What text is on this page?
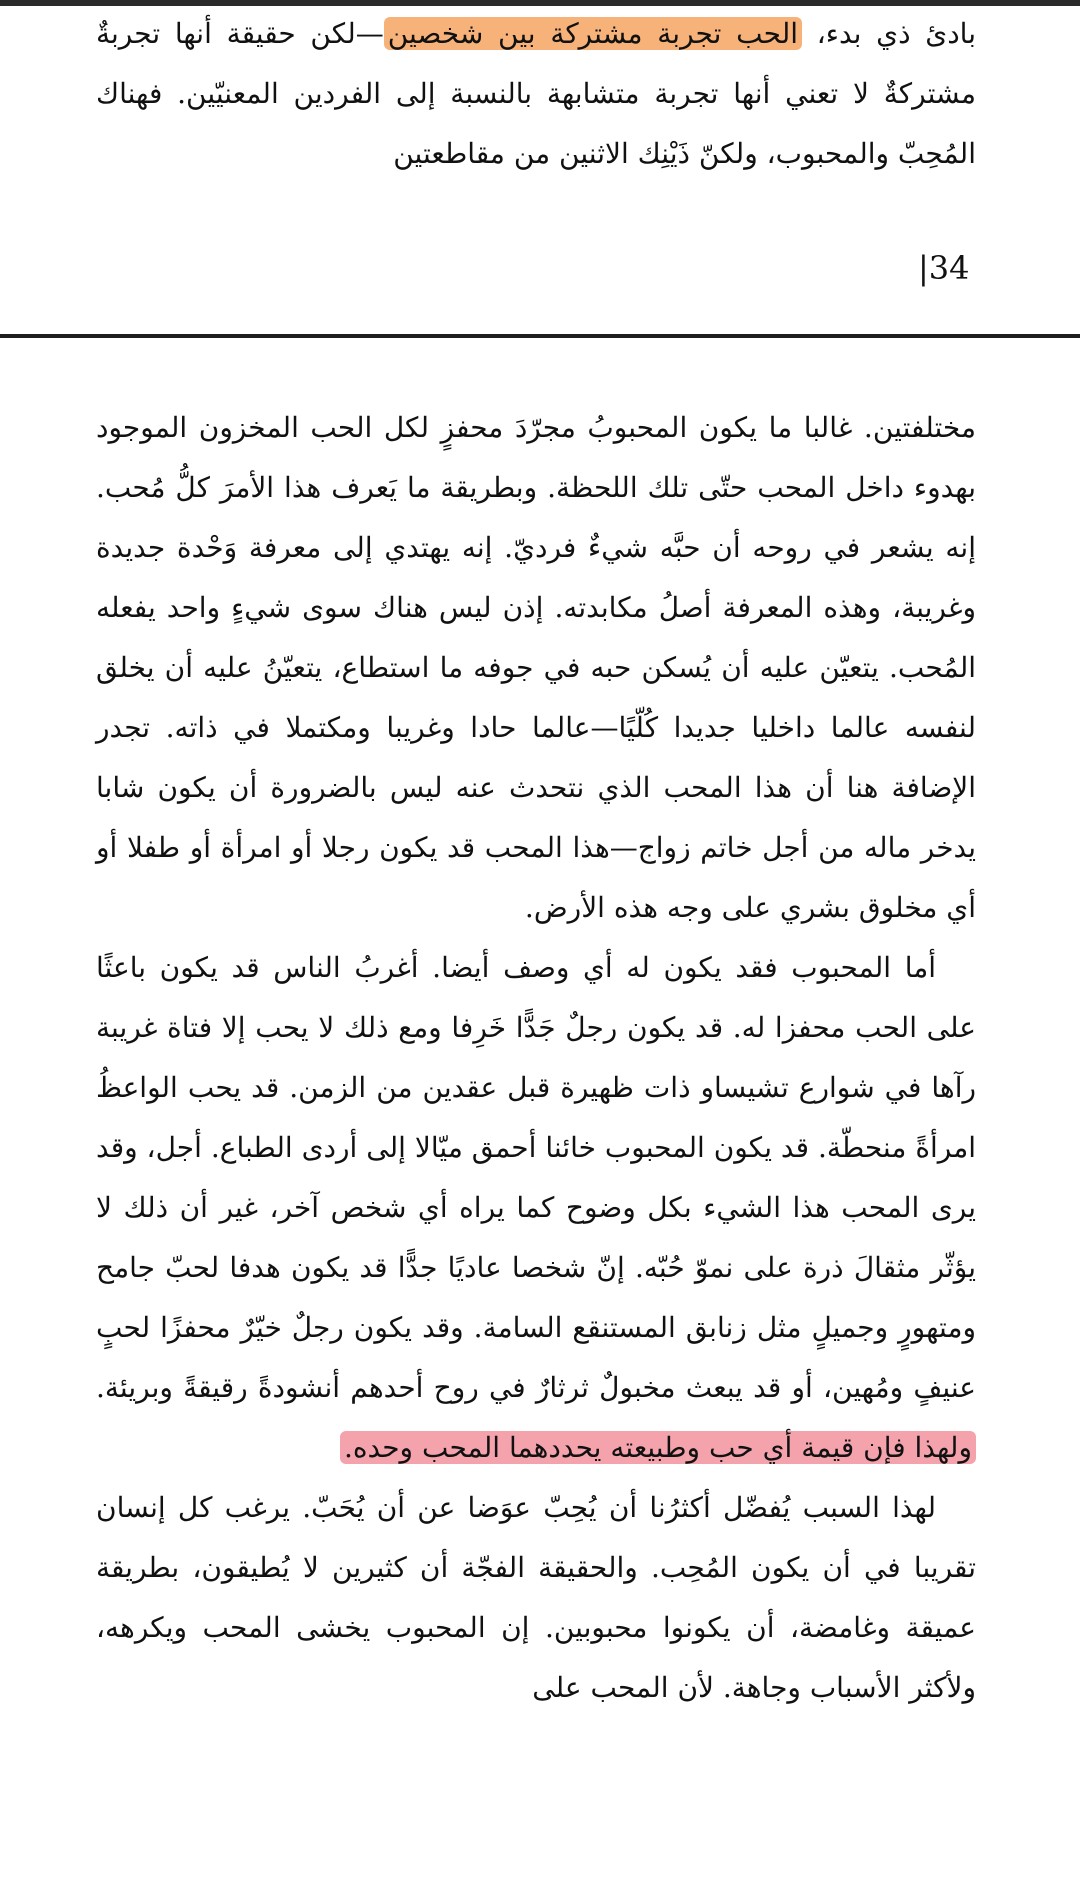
بادئ ذي بدء، الحب تجربة مشتركة بين شخصين—لكن حقيقة أنها تجربةٌ مشتركةٌ لا تعني أنها تجربة متشابهة بالنسبة إلى الفردين المعنيّين. فهناك المُحِبّ والمحبوب، ولكنّ ذَيْنِك الاثنين من مقاطعتين

|34

مختلفتين. غالبا ما يكون المحبوبُ مجرّدَ محفزٍ لكل الحب المخزون الموجود بهدوء داخل المحب حتّى تلك اللحظة. وبطريقة ما يَعرف هذا الأمرَ كلُّ مُحب. إنه يشعر في روحه أن حبَّه شيءٌ فرديّ. إنه يهتدي إلى معرفة وَحْدة جديدة وغريبة، وهذه المعرفة أصلُ مكابدته. إذن ليس هناك سوى شيءٍ واحد يفعله المُحب. يتعيّن عليه أن يُسكن حبه في جوفه ما استطاع، يتعيّنُ عليه أن يخلق لنفسه عالما داخليا جديدا كُلّيًا—عالما حادا وغريبا ومكتملا في ذاته. تجدر الإضافة هنا أن هذا المحب الذي نتحدث عنه ليس بالضرورة أن يكون شابا يدخر ماله من أجل خاتم زواج—هذا المحب قد يكون رجلا أو امرأة أو طفلا أو أي مخلوق بشري على وجه هذه الأرض.

أما المحبوب فقد يكون له أي وصف أيضا. أغربُ الناس قد يكون باعثًا على الحب محفزا له. قد يكون رجلٌ جَدًّا خَرِفا ومع ذلك لا يحب إلا فتاة غريبة رآها في شوارع تشيساو ذات ظهيرة قبل عقدين من الزمن. قد يحب الواعظُ امرأةً منحطّة. قد يكون المحبوب خائنا أحمق ميّالا إلى أردى الطباع. أجل، وقد يرى المحب هذا الشيء بكل وضوح كما يراه أي شخص آخر، غير أن ذلك لا يؤثّر مثقالَ ذرة على نموّ حُبّه. إنّ شخصا عاديًا جدًّا قد يكون هدفا لحبّ جامح ومتهورٍ وجميلٍ مثل زنابق المستنقع السامة. وقد يكون رجلٌ خيّرٌ محفزًا لحبٍ عنيفٍ ومُهين، أو قد يبعث مخبولٌ ثرثارٌ في روح أحدهم أنشودةً رقيقةً وبريئة. ولهذا فإن قيمة أي حب وطبيعته يحددهما المحب وحده.

لهذا السبب يُفضّل أكثرُنا أن يُحِبّ عوَضا عن أن يُحَبّ. يرغب كل إنسان تقريبا في أن يكون المُحِب. والحقيقة الفجّة أن كثيرين لا يُطيقون، بطريقة عميقة وغامضة، أن يكونوا محبوبين. إن المحبوب يخشى المحب ويكرهه، ولأكثر الأسباب وجاهة. لأن المحب على
